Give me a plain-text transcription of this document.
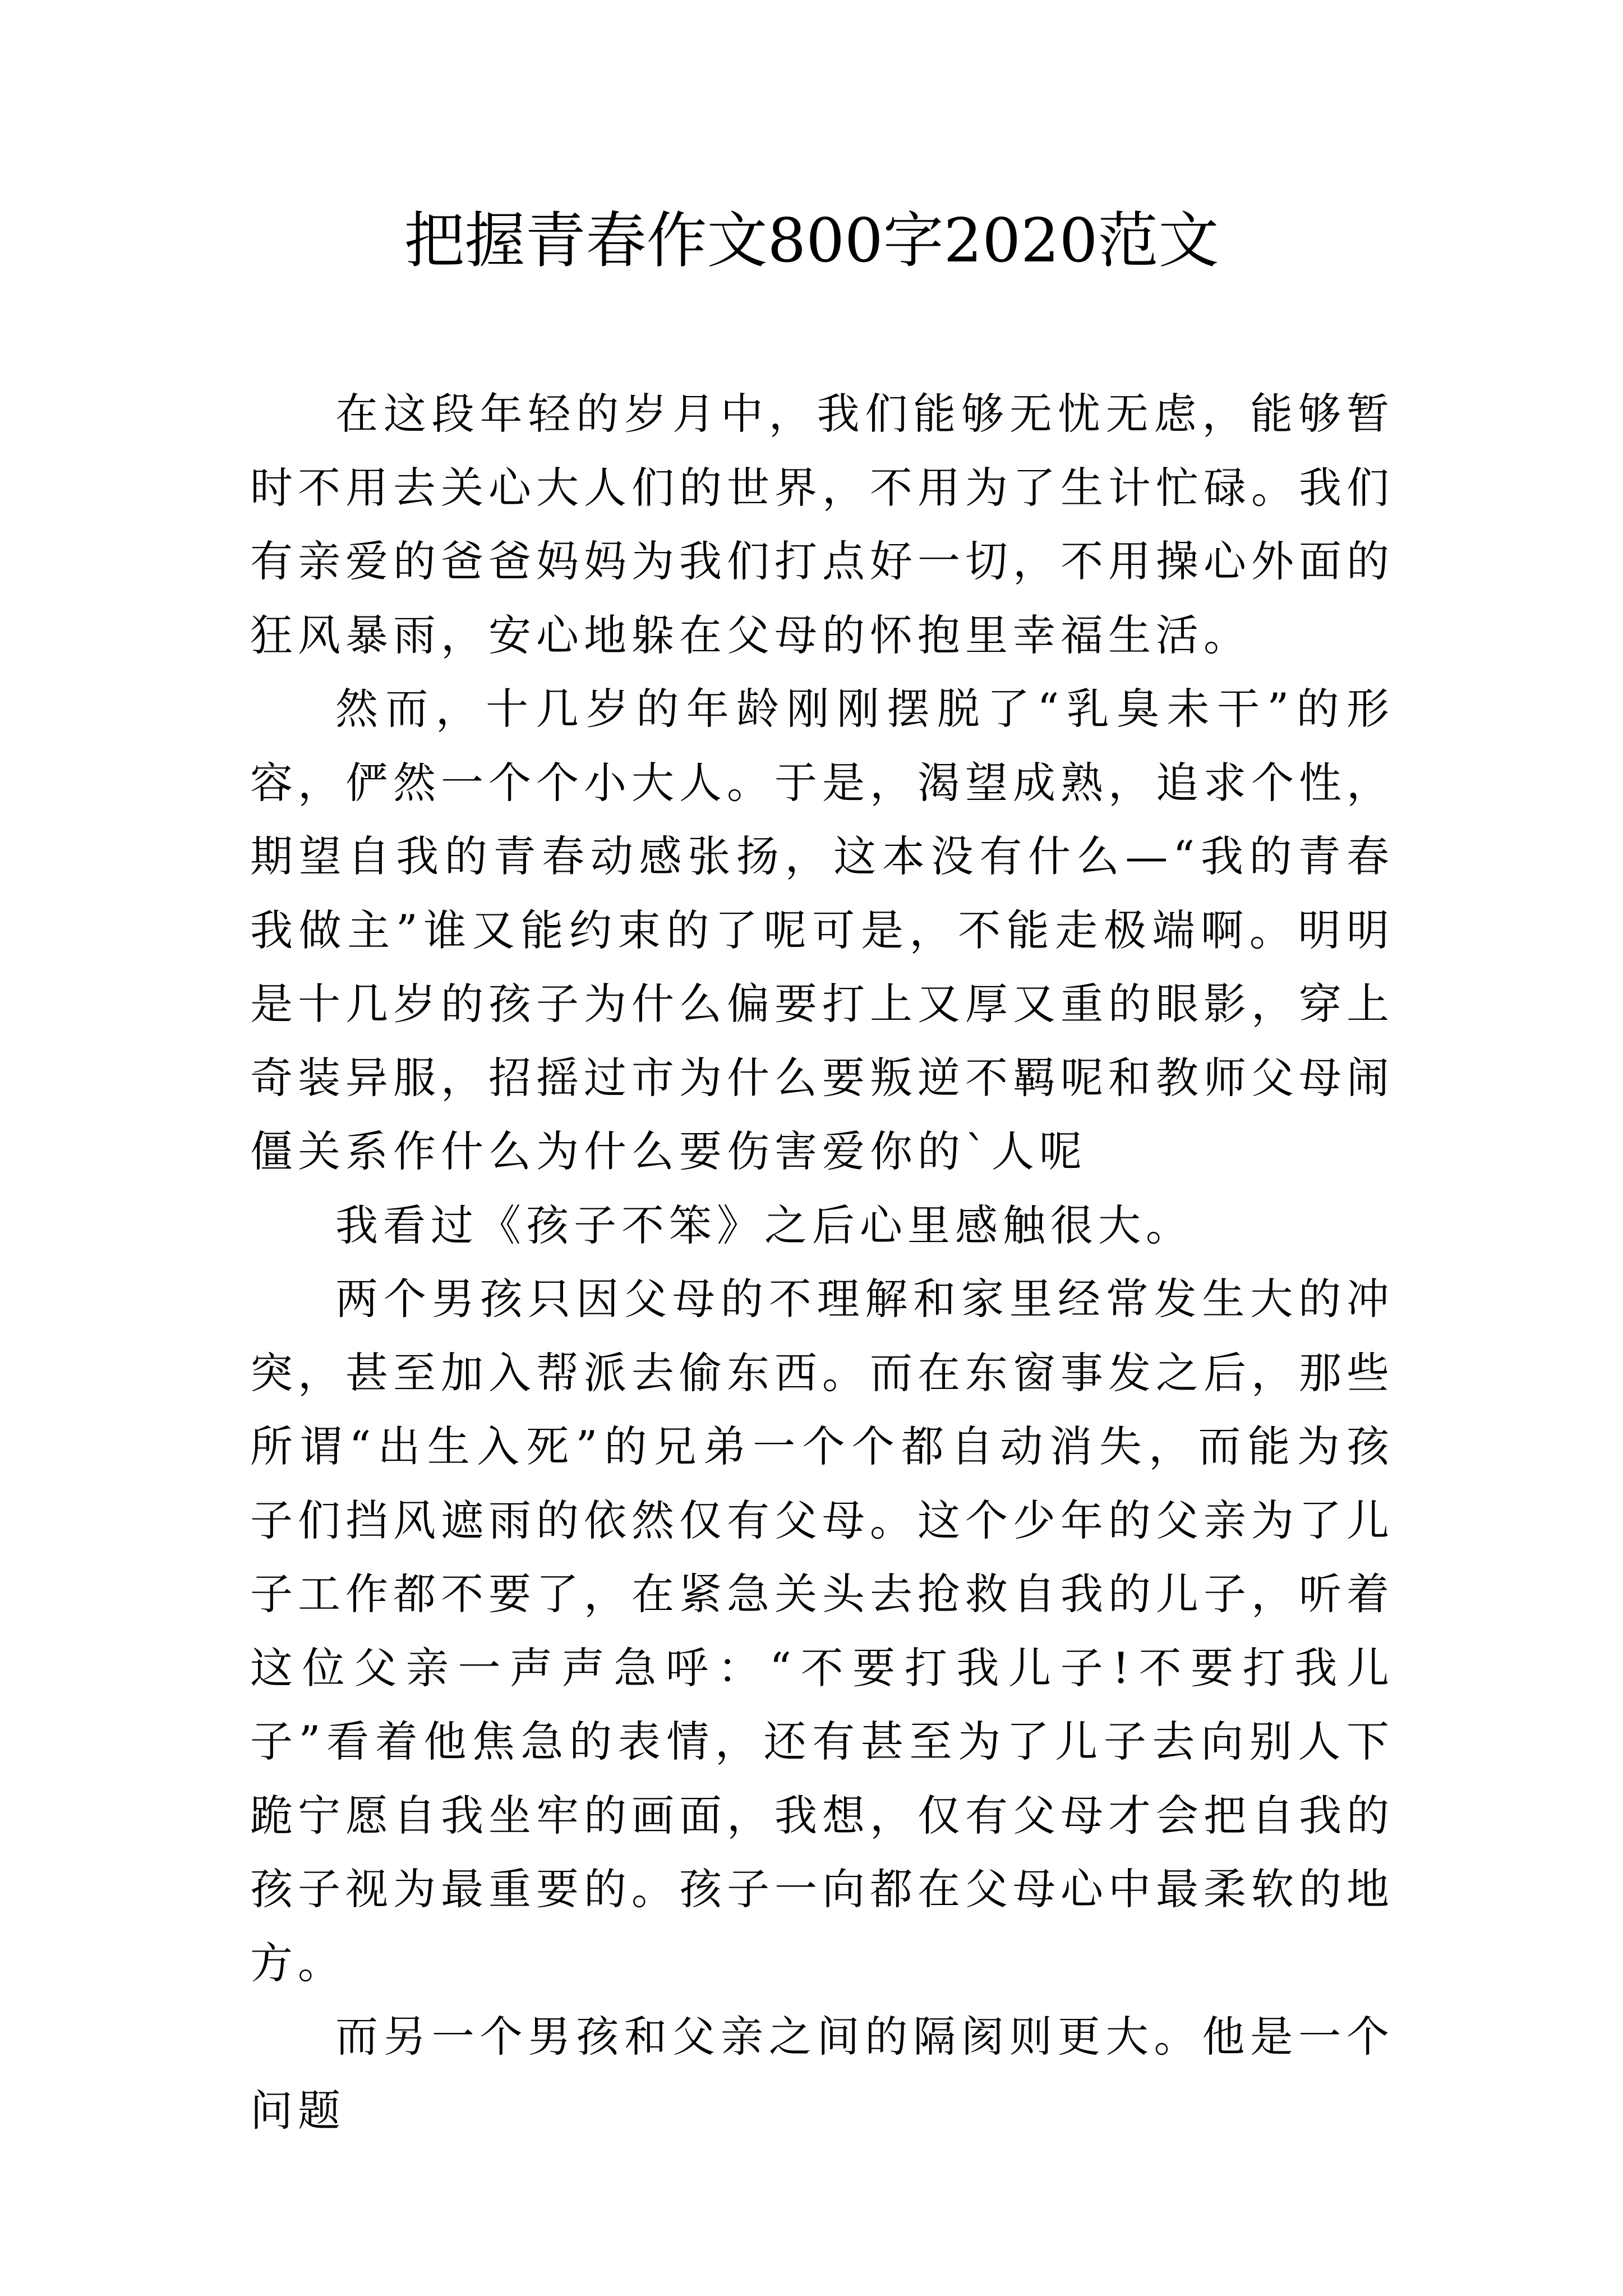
把握青春作文800字2020范文

在这段年轻的岁月中，我们能够无忧无虑，能够暂时不用去关心大人们的世界，不用为了生计忙碌。我们有亲爱的爸爸妈妈为我们打点好一切，不用操心外面的狂风暴雨，安心地躲在父母的怀抱里幸福生活。

然而，十几岁的年龄刚刚摆脱了“乳臭未干”的形容，俨然一个个小大人。于是，渴望成熟，追求个性，期望自我的青春动感张扬，这本没有什么—“我的青春我做主”谁又能约束的了呢可是，不能走极端啊。明明是十几岁的孩子为什么偏要打上又厚又重的眼影，穿上奇装异服，招摇过市为什么要叛逆不羁呢和教师父母闹僵关系作什么为什么要伤害爱你的`人呢

我看过《孩子不笨》之后心里感触很大。

两个男孩只因父母的不理解和家里经常发生大的冲突，甚至加入帮派去偷东西。而在东窗事发之后，那些所谓“出生入死”的兄弟一个个都自动消失，而能为孩子们挡风遮雨的依然仅有父母。这个少年的父亲为了儿子工作都不要了，在紧急关头去抢救自我的儿子，听着这位父亲一声声急呼：“不要打我儿子!不要打我儿子”看着他焦急的表情，还有甚至为了儿子去向别人下跪宁愿自我坐牢的画面，我想，仅有父母才会把自我的孩子视为最重要的。孩子一向都在父母心中最柔软的地方。

而另一个男孩和父亲之间的隔阂则更大。他是一个问题
